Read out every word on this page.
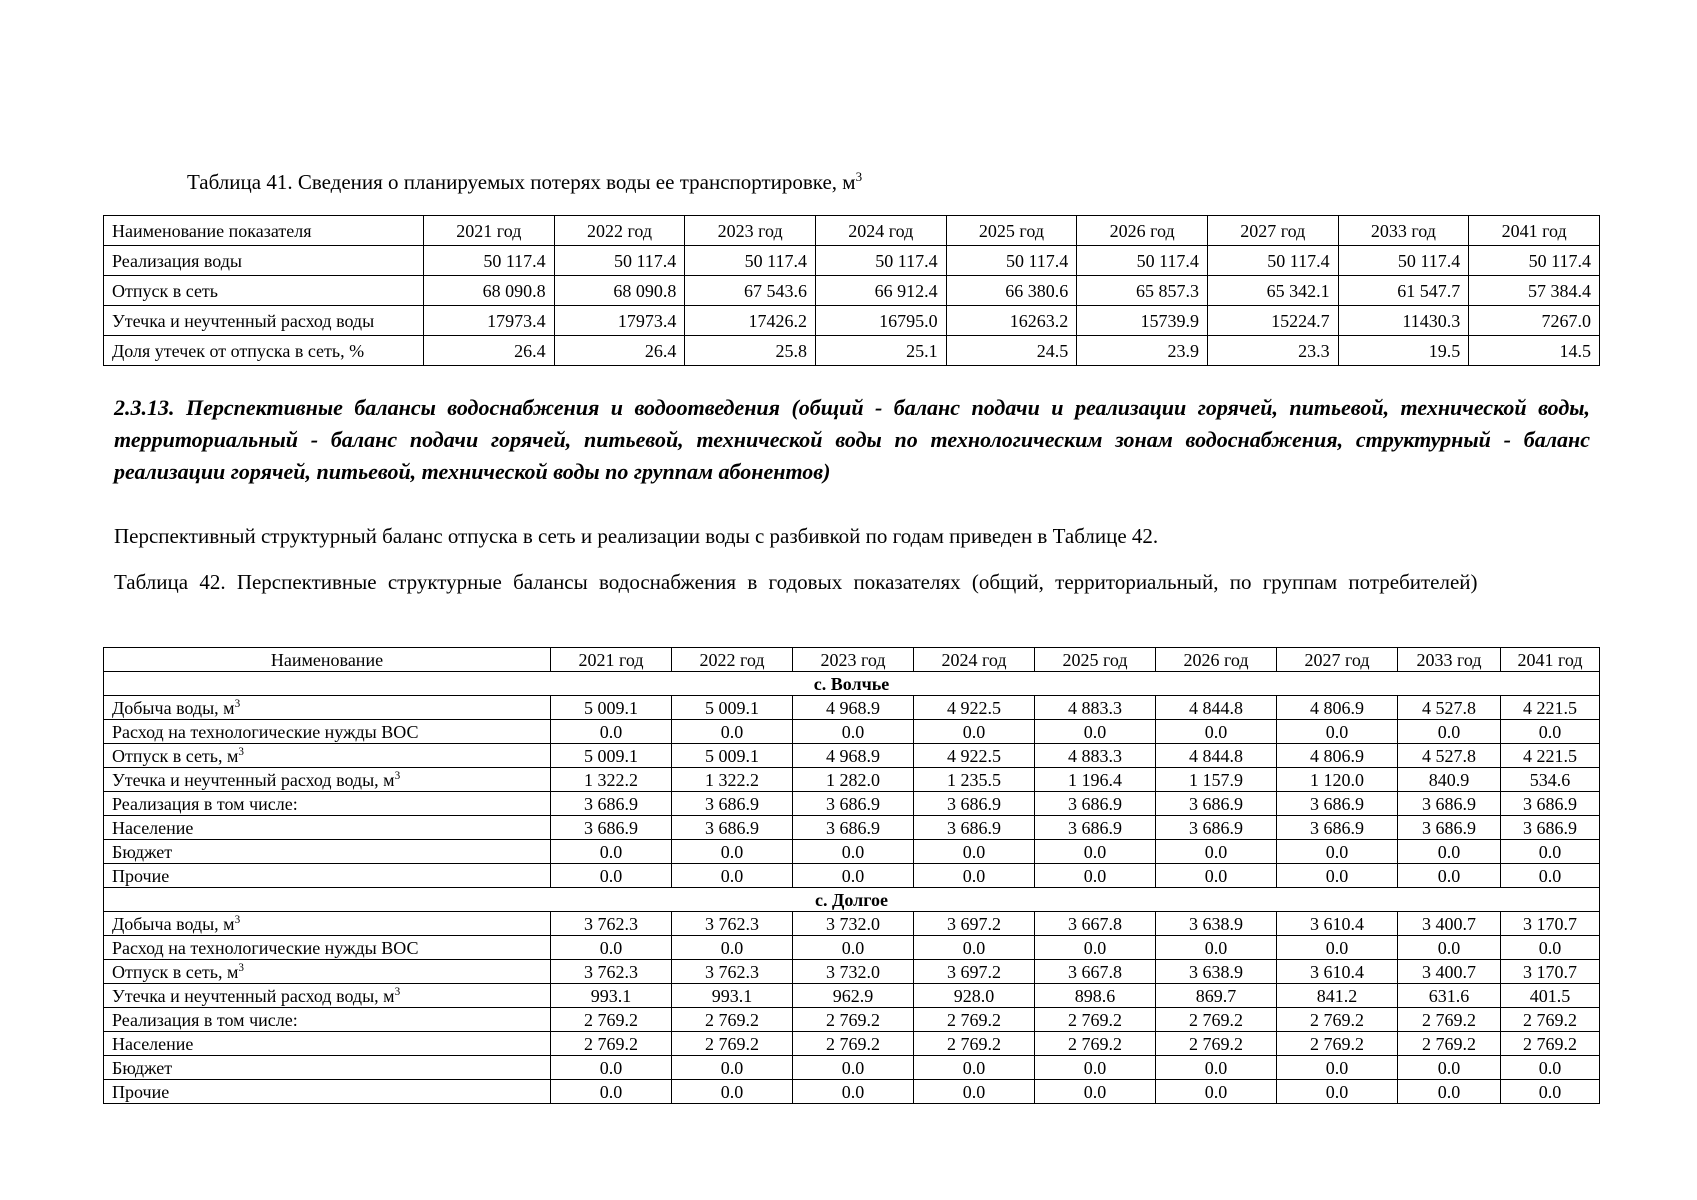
Таблица 41. Сведения о планируемых потерях воды ее транспортировке, $м^3$
Наименование показателя	2021 год	2022 год	2023 год	2024 год	2025 год	2026 год	2027 год	2033 год	2041 год
Реализация воды	50 117.4	50 117.4	50 117.4	50 117.4	50 117.4	50 117.4	50 117.4	50 117.4	50 117.4
Отпуск в сеть	68 090.8	68 090.8	67 543.6	66 912.4	66 380.6	65 857.3	65 342.1	61 547.7	57 384.4
Утечка и неучтенный расход воды	17973.4	17973.4	17426.2	16795.0	16263.2	15739.9	15224.7	11430.3	7267.0
Доля утечек от отпуска в сеть, %	26.4	26.4	25.8	25.1	24.5	23.9	23.3	19.5	14.5
2.3.13. Перспективные балансы водоснабжения и водоотведения (общий - баланс подачи и реализации горячей, питьевой, технической воды, территориальный - баланс подачи горячей, питьевой, технической воды по технологическим зонам водоснабжения, структурный - баланс реализации горячей, питьевой, технической воды по группам абонентов)
Перспективный структурный баланс отпуска в сеть и реализации воды с разбивкой по годам приведен в Таблице 42.
Таблица 42. Перспективные структурные балансы водоснабжения в годовых показателях (общий, территориальный, по группам потребителей)
Наименование	2021 год	2022 год	2023 год	2024 год	2025 год	2026 год	2027 год	2033 год	2041 год
с. Волчье									
Добыча воды, $м^3$	5 009.1	5 009.1	4 968.9	4 922.5	4 883.3	4 844.8	4 806.9	4 527.8	4 221.5
Расход на технологические нужды ВОС	0.0	0.0	0.0	0.0	0.0	0.0	0.0	0.0	0.0
Отпуск в сеть, $м^3$	5 009.1	5 009.1	4 968.9	4 922.5	4 883.3	4 844.8	4 806.9	4 527.8	4 221.5
Утечка и неучтенный расход воды, $м^3$	1 322.2	1 322.2	1 282.0	1 235.5	1 196.4	1 157.9	1 120.0	840.9	534.6
Реализация в том числе:	3 686.9	3 686.9	3 686.9	3 686.9	3 686.9	3 686.9	3 686.9	3 686.9	3 686.9
Население	3 686.9	3 686.9	3 686.9	3 686.9	3 686.9	3 686.9	3 686.9	3 686.9	3 686.9
Бюджет	0.0	0.0	0.0	0.0	0.0	0.0	0.0	0.0	0.0
Прочие	0.0	0.0	0.0	0.0	0.0	0.0	0.0	0.0	0.0
с. Долгое									
Добыча воды, $м^3$	3 762.3	3 762.3	3 732.0	3 697.2	3 667.8	3 638.9	3 610.4	3 400.7	3 170.7
Расход на технологические нужды ВОС	0.0	0.0	0.0	0.0	0.0	0.0	0.0	0.0	0.0
Отпуск в сеть, $м^3$	3 762.3	3 762.3	3 732.0	3 697.2	3 667.8	3 638.9	3 610.4	3 400.7	3 170.7
Утечка и неучтенный расход воды, $м^3$	993.1	993.1	962.9	928.0	898.6	869.7	841.2	631.6	401.5
Реализация в том числе:	2 769.2	2 769.2	2 769.2	2 769.2	2 769.2	2 769.2	2 769.2	2 769.2	2 769.2
Население	2 769.2	2 769.2	2 769.2	2 769.2	2 769.2	2 769.2	2 769.2	2 769.2	2 769.2
Бюджет	0.0	0.0	0.0	0.0	0.0	0.0	0.0	0.0	0.0
Прочие	0.0	0.0	0.0	0.0	0.0	0.0	0.0	0.0	0.0
